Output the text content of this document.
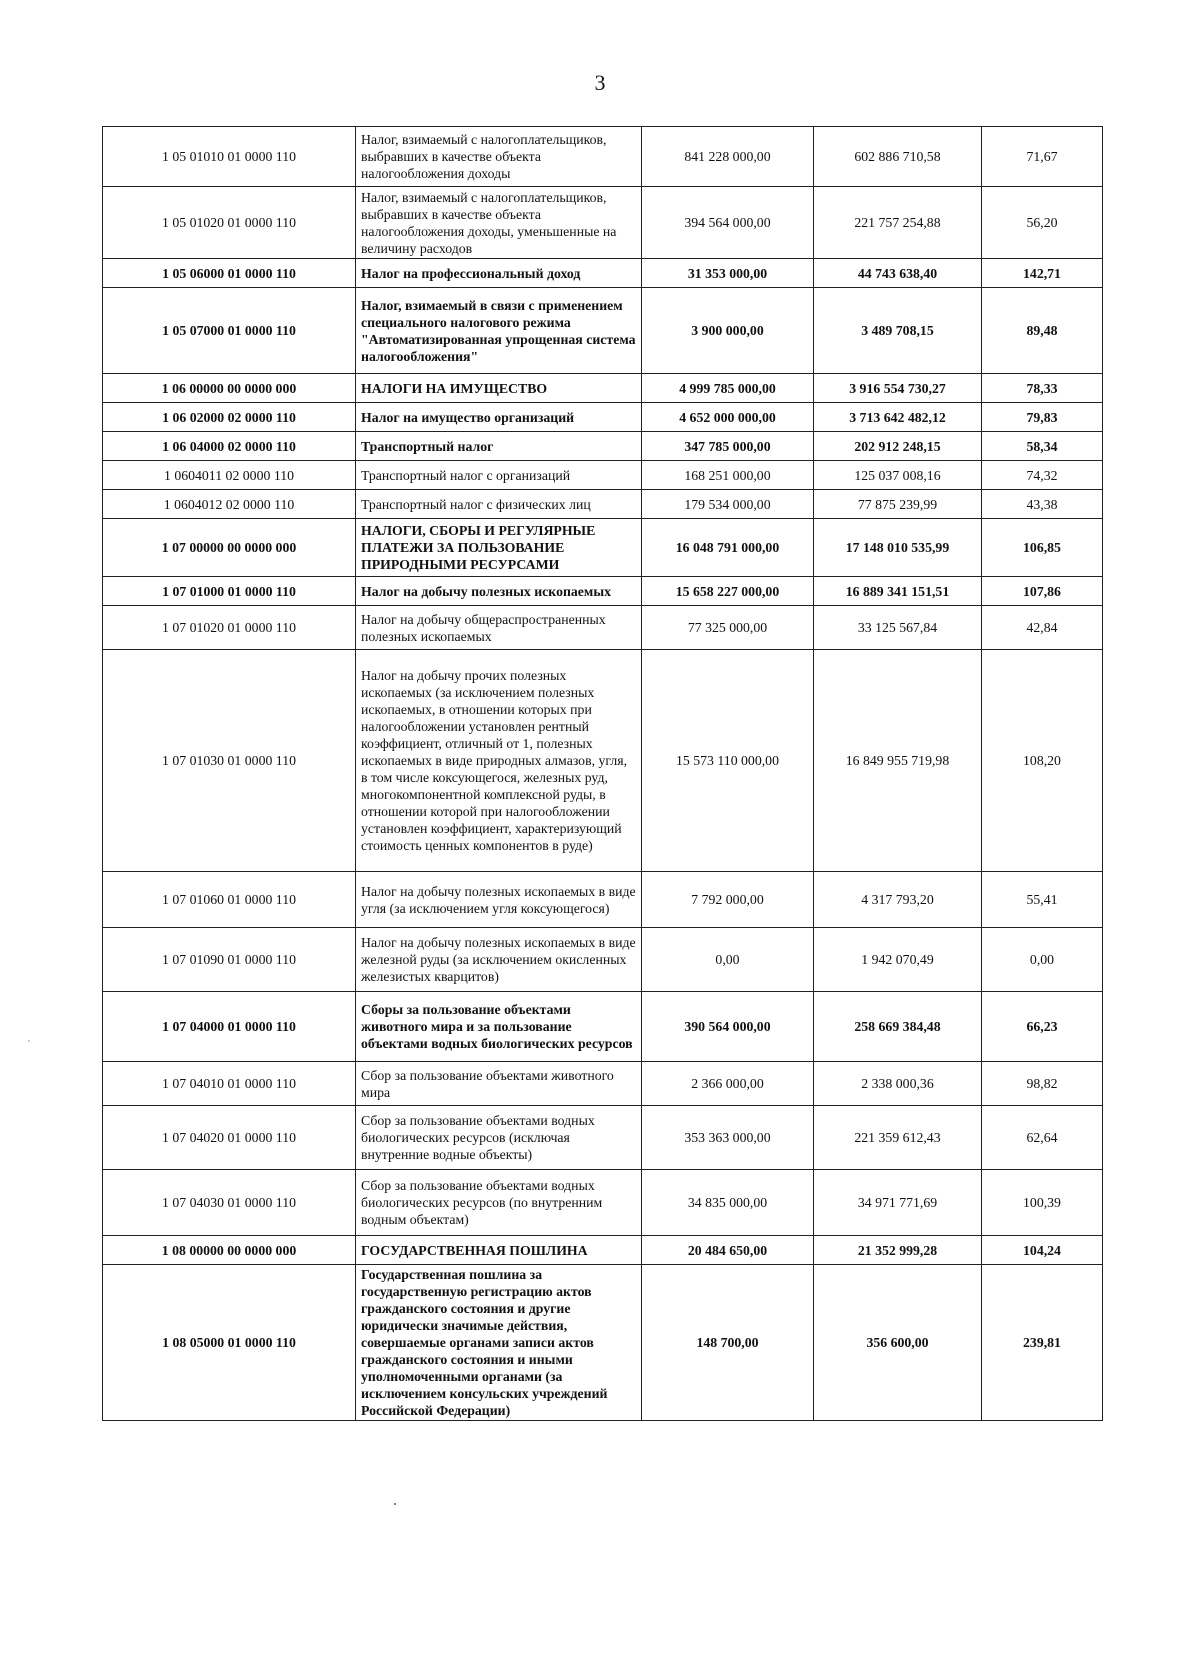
3
1 05 01010 01 0000 110	Налог, взимаемый с налогоплательщиков, выбравших в качестве объекта налогообложения доходы	841 228 000,00	602 886 710,58	71,67
1 05 01020 01 0000 110	Налог, взимаемый с налогоплательщиков, выбравших в качестве объекта налогообложения доходы, уменьшенные на величину расходов	394 564 000,00	221 757 254,88	56,20
1 05 06000 01 0000 110	Налог на профессиональный доход	31 353 000,00	44 743 638,40	142,71
1 05 07000 01 0000 110	Налог, взимаемый в связи с применением специального налогового режима "Автоматизированная упрощенная система налогообложения"	3 900 000,00	3 489 708,15	89,48
1 06 00000 00 0000 000	НАЛОГИ НА ИМУЩЕСТВО	4 999 785 000,00	3 916 554 730,27	78,33
1 06 02000 02 0000 110	Налог на имущество организаций	4 652 000 000,00	3 713 642 482,12	79,83
1 06 04000 02 0000 110	Транспортный налог	347 785 000,00	202 912 248,15	58,34
1 0604011 02 0000 110	Транспортный налог с организаций	168 251 000,00	125 037 008,16	74,32
1 0604012 02 0000 110	Транспортный налог с физических лиц	179 534 000,00	77 875 239,99	43,38
1 07 00000 00 0000 000	НАЛОГИ, СБОРЫ И РЕГУЛЯРНЫЕ ПЛАТЕЖИ ЗА ПОЛЬЗОВАНИЕ ПРИРОДНЫМИ РЕСУРСАМИ	16 048 791 000,00	17 148 010 535,99	106,85
1 07 01000 01 0000 110	Налог на добычу полезных ископаемых	15 658 227 000,00	16 889 341 151,51	107,86
1 07 01020 01 0000 110	Налог на добычу общераспространенных полезных ископаемых	77 325 000,00	33 125 567,84	42,84
1 07 01030 01 0000 110	Налог на добычу прочих полезных ископаемых (за исключением полезных ископаемых, в отношении которых при налогообложении установлен рентный коэффициент, отличный от 1, полезных ископаемых в виде природных алмазов, угля, в том числе коксующегося, железных руд, многокомпонентной комплексной руды, в отношении которой при налогообложении установлен коэффициент, характеризующий стоимость ценных компонентов в руде)	15 573 110 000,00	16 849 955 719,98	108,20
1 07 01060 01 0000 110	Налог на добычу полезных ископаемых в виде угля (за исключением угля коксующегося)	7 792 000,00	4 317 793,20	55,41
1 07 01090 01 0000 110	Налог на добычу полезных ископаемых в виде железной руды (за исключением окисленных железистых кварцитов)	0,00	1 942 070,49	0,00
1 07 04000 01 0000 110	Сборы за пользование объектами животного мира и за пользование объектами водных биологических ресурсов	390 564 000,00	258 669 384,48	66,23
1 07 04010 01 0000 110	Сбор за пользование объектами животного мира	2 366 000,00	2 338 000,36	98,82
1 07 04020 01 0000 110	Сбор за пользование объектами водных биологических ресурсов (исключая внутренние водные объекты)	353 363 000,00	221 359 612,43	62,64
1 07 04030 01 0000 110	Сбор за пользование объектами водных биологических ресурсов (по внутренним водным объектам)	34 835 000,00	34 971 771,69	100,39
1 08 00000 00 0000 000	ГОСУДАРСТВЕННАЯ ПОШЛИНА	20 484 650,00	21 352 999,28	104,24
1 08 05000 01 0000 110	Государственная пошлина за государственную регистрацию актов гражданского состояния и другие юридически значимые действия, совершаемые органами записи актов гражданского состояния и иными уполномоченными органами (за исключением консульских учреждений Российской Федерации)	148 700,00	356 600,00	239,81
